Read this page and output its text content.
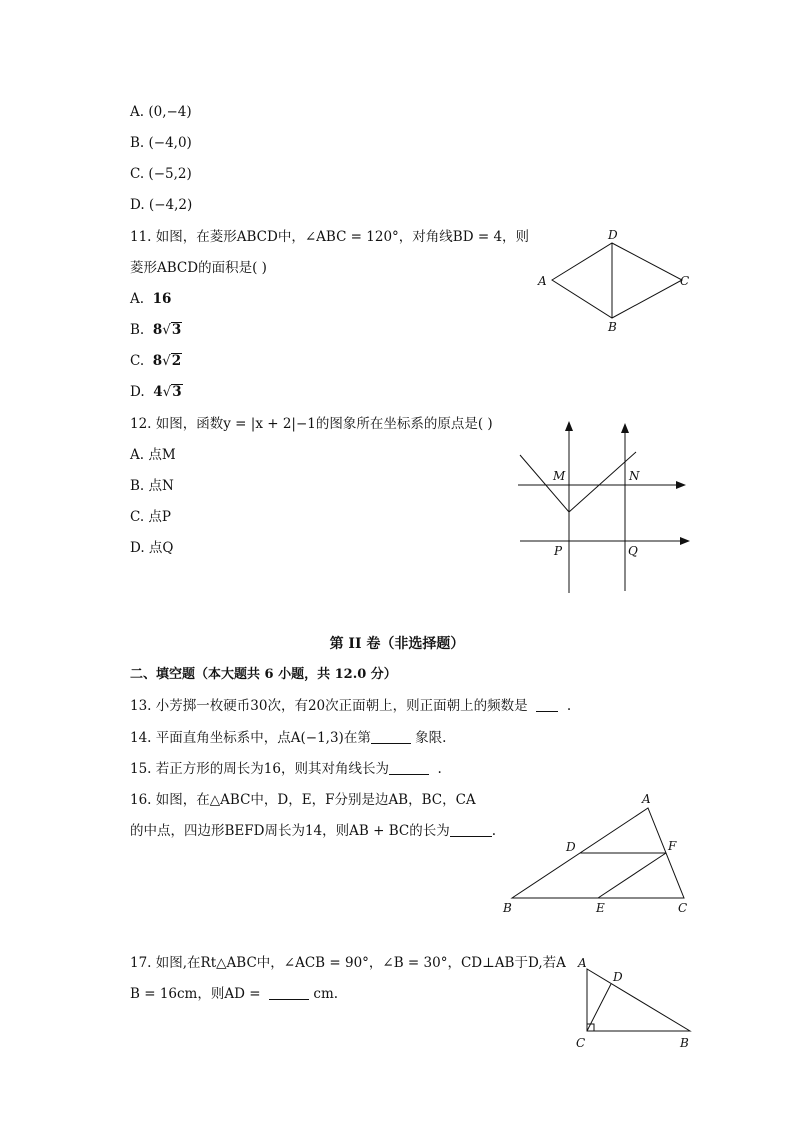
A. (0,−4)
B. (−4,0)
C. (−5,2)
D. (−4,2)
11. 如图，在菱形ABCD中，∠ABC = 120°，对角线BD = 4，则
菱形ABCD的面积是( )
A. 16
B. 8√3
C. 8√2
D. 4√3
A
D
C
B
12. 如图，函数y = |x + 2|−1的图象所在坐标系的原点是( )
A. 点M
B. 点N
C. 点P
D. 点Q
M	N
P	Q
第 II 卷（非选择题）
二、填空题（本大题共 6 小题，共 12.0 分）
13. 小芳掷一枚硬币30次，有20次正面朝上，则正面朝上的频数是	.
14. 平面直角坐标系中，点A(−1,3)在第	象限.
15. 若正方形的周长为16，则其对角线长为	.
16. 如图，在△ABC中，D，E，F分别是边AB，BC，CA
的中点，四边形BEFD周长为14，则AB + BC的长为	.
A
D	F
B	E	C
17. 如图,在Rt△ABC中，∠ACB = 90°，∠B = 30°，CD⊥AB于D,若A
B = 16cm，则AD =	cm.
A
D
C	B
